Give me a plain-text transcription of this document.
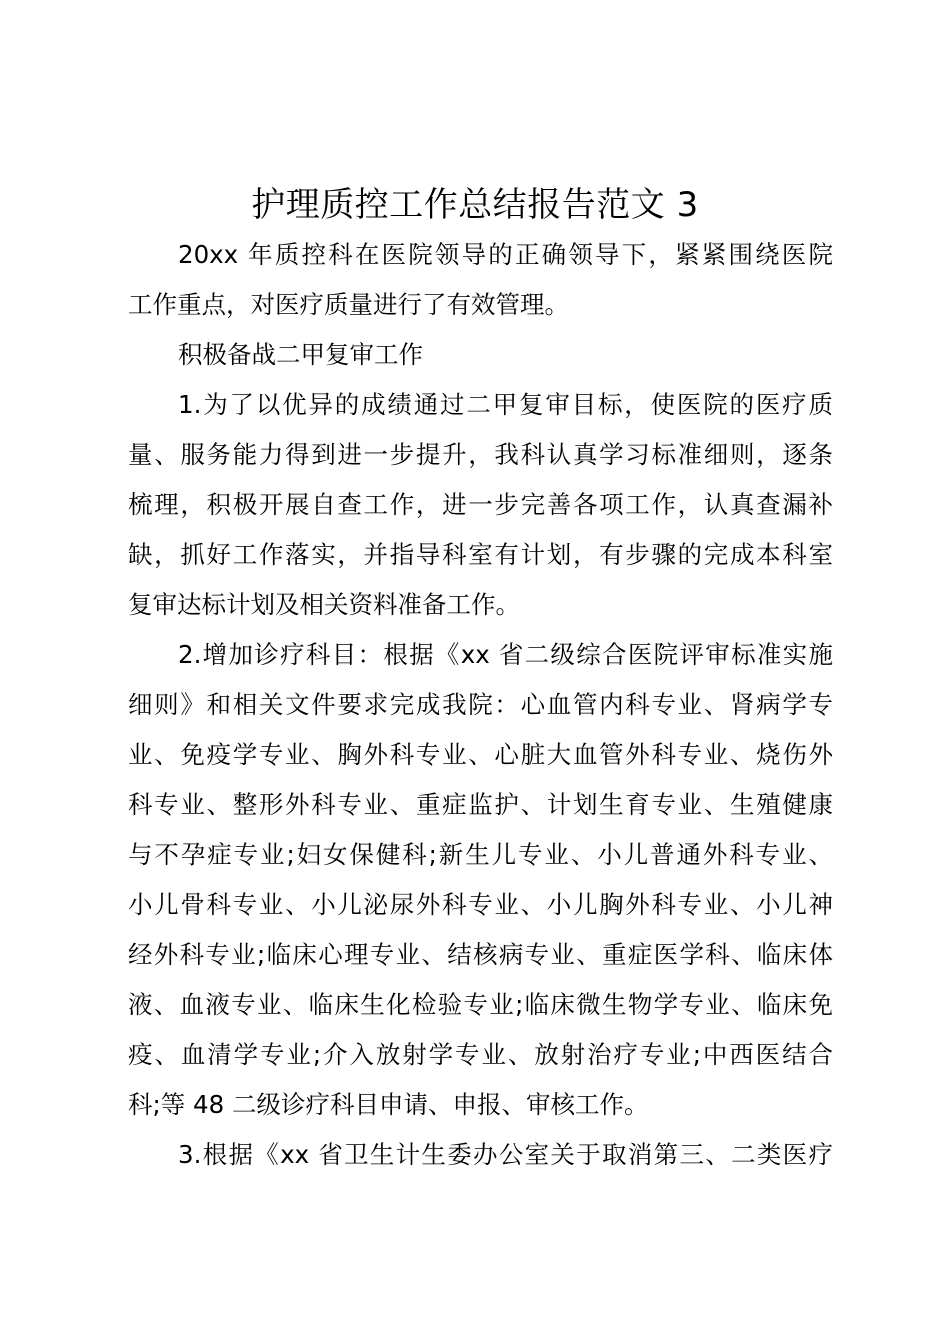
护理质控工作总结报告范文 3

20xx 年质控科在医院领导的正确领导下，紧紧围绕医院

工作重点，对医疗质量进行了有效管理。

积极备战二甲复审工作

1.为了以优异的成绩通过二甲复审目标，使医院的医疗质

量、服务能力得到进一步提升，我科认真学习标准细则，逐条

梳理，积极开展自查工作，进一步完善各项工作，认真查漏补

缺，抓好工作落实，并指导科室有计划，有步骤的完成本科室

复审达标计划及相关资料准备工作。

2.增加诊疗科目：根据《xx 省二级综合医院评审标准实施

细则》和相关文件要求完成我院：心血管内科专业、肾病学专

业、免疫学专业、胸外科专业、心脏大血管外科专业、烧伤外

科专业、整形外科专业、重症监护、计划生育专业、生殖健康

与不孕症专业;妇女保健科;新生儿专业、小儿普通外科专业、

小儿骨科专业、小儿泌尿外科专业、小儿胸外科专业、小儿神

经外科专业;临床心理专业、结核病专业、重症医学科、临床体

液、血液专业、临床生化检验专业;临床微生物学专业、临床免

疫、血清学专业;介入放射学专业、放射治疗专业;中西医结合

科;等 48 二级诊疗科目申请、申报、审核工作。

3.根据《xx 省卫生计生委办公室关于取消第三、二类医疗
